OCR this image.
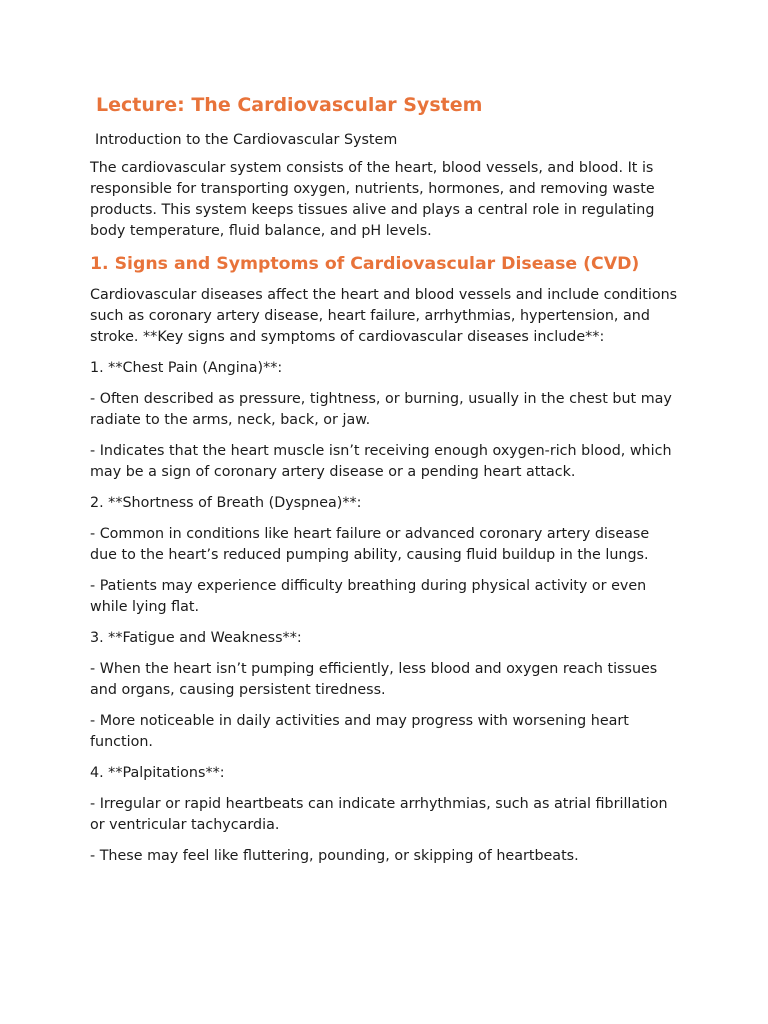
Lecture: The Cardiovascular System
Introduction to the Cardiovascular System

The cardiovascular system consists of the heart, blood vessels, and blood. It is responsible for transporting oxygen, nutrients, hormones, and removing waste products. This system keeps tissues alive and plays a central role in regulating body temperature, fluid balance, and pH levels.

1. Signs and Symptoms of Cardiovascular Disease (CVD)

Cardiovascular diseases affect the heart and blood vessels and include conditions such as coronary artery disease, heart failure, arrhythmias, hypertension, and stroke. **Key signs and symptoms of cardiovascular diseases include**:

1. **Chest Pain (Angina)**:

- Often described as pressure, tightness, or burning, usually in the chest but may radiate to the arms, neck, back, or jaw.

- Indicates that the heart muscle isn’t receiving enough oxygen-rich blood, which may be a sign of coronary artery disease or a pending heart attack.

2. **Shortness of Breath (Dyspnea)**:

- Common in conditions like heart failure or advanced coronary artery disease due to the heart’s reduced pumping ability, causing fluid buildup in the lungs.

- Patients may experience difficulty breathing during physical activity or even while lying flat.

3. **Fatigue and Weakness**:

- When the heart isn’t pumping efficiently, less blood and oxygen reach tissues and organs, causing persistent tiredness.

- More noticeable in daily activities and may progress with worsening heart function.

4. **Palpitations**:

- Irregular or rapid heartbeats can indicate arrhythmias, such as atrial fibrillation or ventricular tachycardia.

- These may feel like fluttering, pounding, or skipping of heartbeats.
